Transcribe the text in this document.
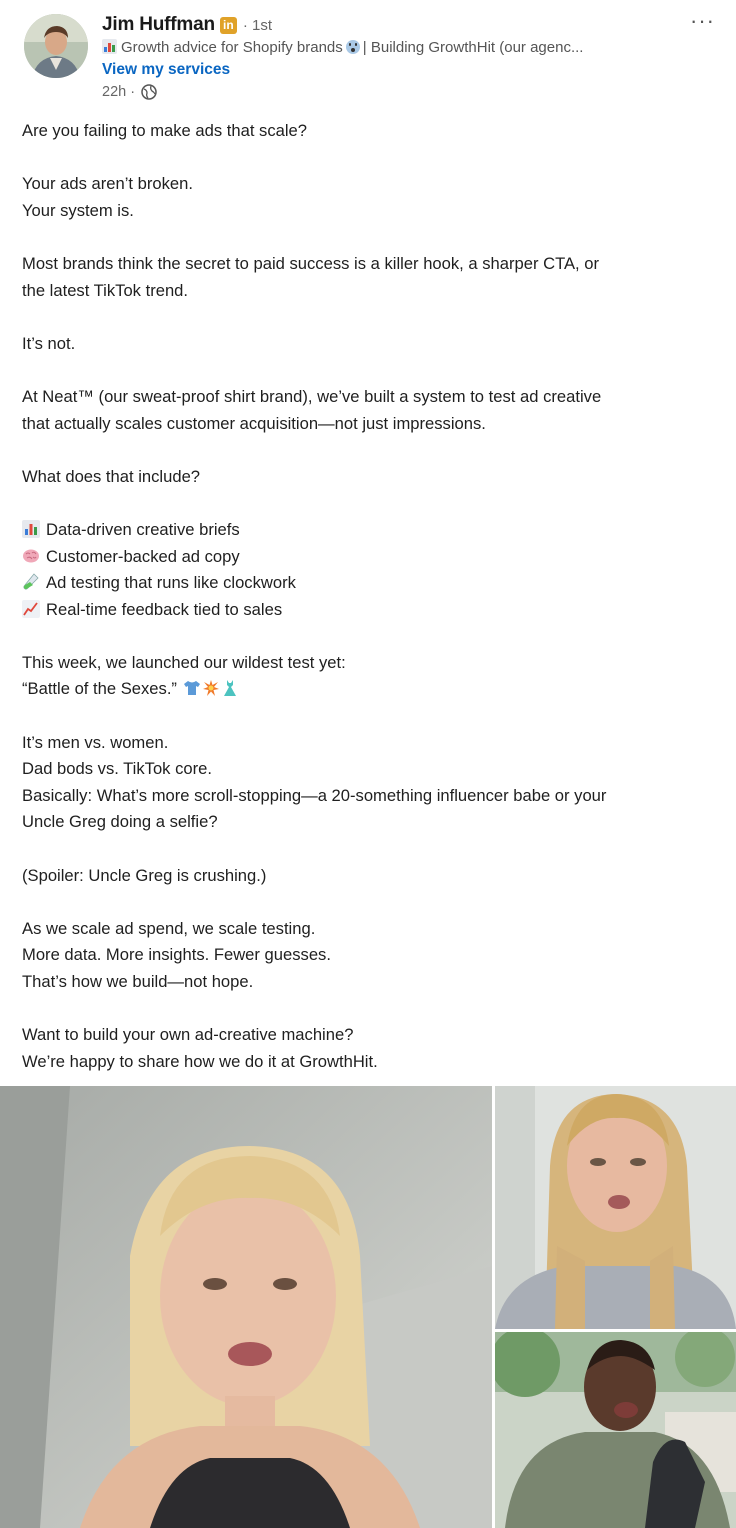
Jim Huffman in · 1st
Growth advice for Shopify brands | Building GrowthHit (our agenc...
View my services
22h ·
···

Are you failing to make ads that scale?

Your ads aren’t broken.

Your system is.

Most brands think the secret to paid success is a killer hook, a sharper CTA, or

the latest TikTok trend.

It’s not.

At Neat™ (our sweat-proof shirt brand), we’ve built a system to test ad creative

that actually scales customer acquisition—not just impressions.

What does that include?

Data-driven creative briefs

Customer-backed ad copy

Ad testing that runs like clockwork

Real-time feedback tied to sales

This week, we launched our wildest test yet:

“Battle of the Sexes.”

It’s men vs. women.

Dad bods vs. TikTok core.

Basically: What’s more scroll-stopping—a 20-something influencer babe or your

Uncle Greg doing a selfie?

(Spoiler: Uncle Greg is crushing.)

As we scale ad spend, we scale testing.

More data. More insights. Fewer guesses.

That’s how we build—not hope.

Want to build your own ad-creative machine?

We’re happy to share how we do it at GrowthHit.
